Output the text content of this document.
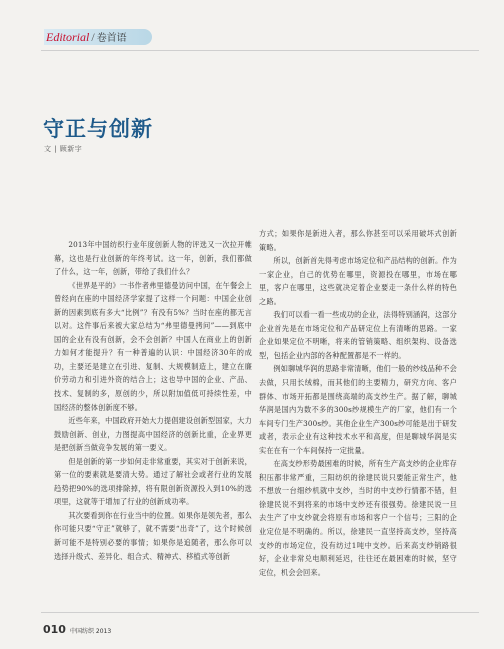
Editorial / 卷首语
守正与创新
文 | 顾新宇

2013年中国纺织行业年度创新人物的评选又一次拉开帷幕，这也是行业创新的年终考试。这一年，创新，我们都做了什么，这一年，创新，带给了我们什么？

《世界是平的》一书作者弗里德曼访问中国，在午餐会上曾经向在座的中国经济学家提了这样一个问题：中国企业创新的因素到底有多大“比例”？有没有5%？当时在座的都无言以对。这件事后来被大家总结为“弗里德曼拷问”——到底中国的企业有没有创新，会不会创新？中国人在商业上的创新力如何才能提升？有一种普遍的认识：中国经济30年的成功，主要还是建立在引进、复制、大规模制造上，建立在廉价劳动力和引进外资的结合上；这也导中国的企业、产品、技术、复制的多，原创的少，所以附加值低可持续性差，中国经济的整体创新度不够。

近些年来，中国政府开始大力提倡建设创新型国家，大力鼓励创新、创业，力图提高中国经济的创新比重，企业界更是把创新当做竞争发展的第一要义。

但是创新的第一步如何走非常重要，其实对于创新来说，第一位的要素就是要清大势。通过了解社会或者行业的发展趋势把90%的选项排除掉，将有限创新资源投入到10%的选项里，这就等于增加了行业的创新成功率。

其次要看到你在行业当中的位置。如果你是领先者，那么你可能只要“守正”就够了，就不需要“出奇”了，这个时候创新可能不是特别必要的事情；如果你是追随者，那么你可以选择升级式、差异化、组合式、精神式、移植式等创新

方式；如果你是新进入者，那么你甚至可以采用破坏式创新策略。

所以，创新首先得考虑市场定位和产品结构的创新。作为一家企业，自己的优势在哪里，资源投在哪里，市场在哪里，客户在哪里，这些就决定着企业要走一条什么样的特色之路。

我们可以看一看一些成功的企业，法得特别涵润，这部分企业首先是在市场定位和产品研定位上有清晰的思路。一家企业如果定位不明晰，将来的管销策略、组织架构、设备选型，包括企业内部的各种配置都是不一样的。

例如聊城华润的思路非常清晰，他们一般的纱线品种不会去做，只用长绒棉，而其他们的主要精力，研究方向、客户群体、市场开拓都是围绕高端的高支纱生产。据了解，聊城华润是国内为数不多的300s纱规模生产的厂家，他们有一个车间专门生产300s纱。其他企业生产300s纱可能是出于研发或者，表示企业有这种技术水平和高度，但是聊城华润是实实在在有一个车间保持一定批量。

在高支纱形势最困难的时候，所有生产高支纱的企业库存积压都非常严重，三阳纺织的徐建民说只要能正常生产，他不想放一台细纱机就中支纱，当时的中支纱行情都不错，但徐建民说不到将来的市场中支纱还有很强势。徐建民说一旦去生产了中支纱就会将原有市场和客户一个信号；三阳的企业定位是不明确的。所以，徐建民一直坚持高支纱，坚持高支纱的市场定位，没有纺过1吨中支纱。后来高支纱销路很好，企业非常兑电顺利延迟，往往还在最困难的时候，坚守定位，机会会回来。

010 中国纺织 2013
